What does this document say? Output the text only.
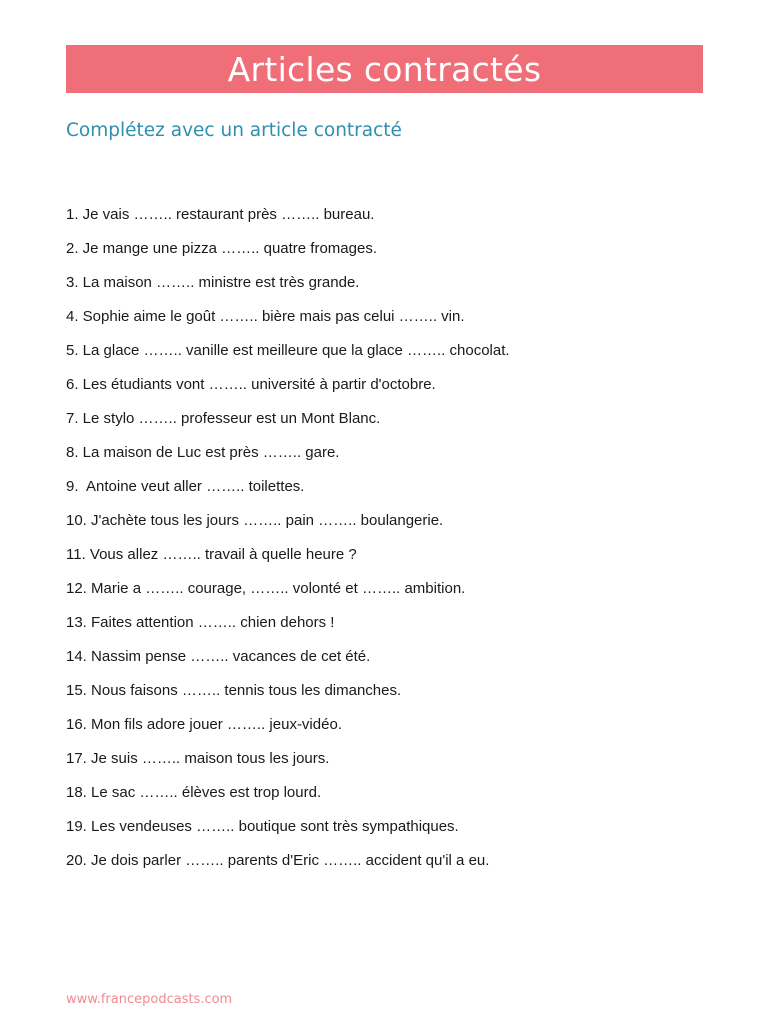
Articles contractés
Complétez avec un article contracté
1. Je vais …….. restaurant près …….. bureau.
2. Je mange une pizza …….. quatre fromages.
3. La maison …….. ministre est très grande.
4. Sophie aime le goût …….. bière mais pas celui …….. vin.
5. La glace …….. vanille est meilleure que la glace …….. chocolat.
6. Les étudiants vont …….. université à partir d'octobre.
7. Le stylo …….. professeur est un Mont Blanc.
8. La maison de Luc est près …….. gare.
9.  Antoine veut aller …….. toilettes.
10. J'achète tous les jours …….. pain …….. boulangerie.
11. Vous allez …….. travail à quelle heure ?
12. Marie a …….. courage, …….. volonté et …….. ambition.
13. Faites attention …….. chien dehors !
14. Nassim pense …….. vacances de cet été.
15. Nous faisons …….. tennis tous les dimanches.
16. Mon fils adore jouer …….. jeux-vidéo.
17. Je suis …….. maison tous les jours.
18. Le sac …….. élèves est trop lourd.
19. Les vendeuses …….. boutique sont très sympathiques.
20. Je dois parler …….. parents d'Eric …….. accident qu'il a eu.
www.francepodcasts.com
